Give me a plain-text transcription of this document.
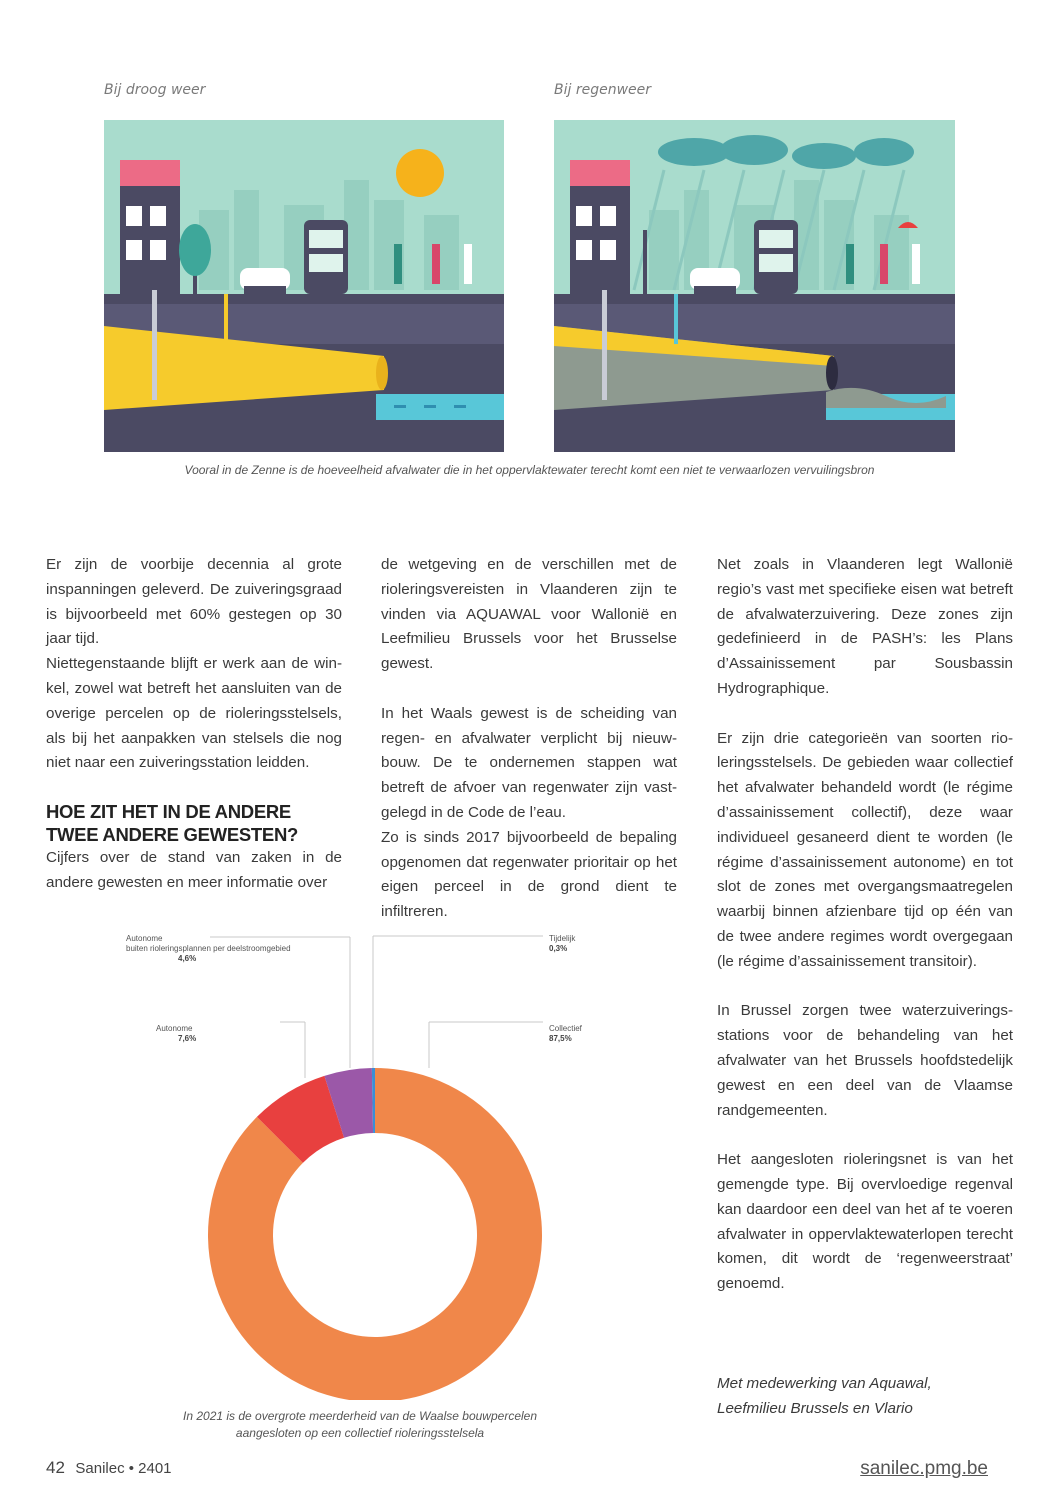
Bij droog weer	Bij regenweer
Vooral in de Zenne is de hoeveelheid afvalwater die in het oppervlaktewater terecht komt een niet te verwaarlozen vervuilingsbron

Er zijn de voorbije decennia al grote inspanningen geleverd. De zuiveringsgraad is bijvoorbeeld met 60% gestegen op 30 jaar tijd.

Niettegenstaande blijft er werk aan de winkel, zowel wat betreft het aansluiten van de overige percelen op de rioleringsstelsels, als bij het aanpakken van stelsels die nog niet naar een zuiveringsstation leidden.

HOE ZIT HET IN DE ANDERE TWEE ANDERE GEWESTEN?

Cijfers over de stand van zaken in de andere gewesten en meer informatie over

de wetgeving en de verschillen met de rioleringsvereisten in Vlaanderen zijn te vinden via AQUAWAL voor Wallonië en Leefmilieu Brussels voor het Brusselse gewest.

In het Waals gewest is de scheiding van regen- en afvalwater verplicht bij nieuwbouw. De te ondernemen stappen wat betreft de afvoer van regenwater zijn vastgelegd in de Code de l’eau.

Zo is sinds 2017 bijvoorbeeld de bepaling opgenomen dat regenwater prioritair op het eigen perceel in de grond dient te infiltreren.

Net zoals in Vlaanderen legt Wallonië regio’s vast met specifieke eisen wat betreft de afvalwaterzuivering. Deze zones zijn gedefinieerd in de PASH’s: les Plans d’Assainissement par Sousbassin Hydrographique.

Er zijn drie categorieën van soorten rioleringsstelsels. De gebieden waar collectief het afvalwater behandeld wordt (le régime d’assainissement collectif), deze waar individueel gesaneerd dient te worden (le régime d’assainissement autonome) en tot slot de zones met overgangsmaatregelen waarbij binnen afzienbare tijd op één van de twee andere regimes wordt overgegaan (le régime d’assainissement transitoir).

In Brussel zorgen twee waterzuiveringsstations voor de behandeling van het afvalwater van het Brussels hoofdstedelijk gewest en een deel van de Vlaamse randgemeenten.

Het aangesloten rioleringsnet is van het gemengde type. Bij overvloedige regenval kan daardoor een deel van het af te voeren afvalwater in oppervlaktewaterlopen terecht komen, dit wordt de ‘regenweerstraat’ genoemd.

Met medewerking van Aquawal,
Leefmilieu Brussels en Vlario
Autonome
buiten rioleringsplannen per deelstroomgebied
4,6%
Autonome
7,6%
Tijdelijk
0,3%
Collectief
87,5%
In 2021 is de overgrote meerderheid van de Waalse bouwpercelen
aangesloten op een collectief rioleringsstelsela
42 Sanilec • 2401	sanilec.pmg.be
